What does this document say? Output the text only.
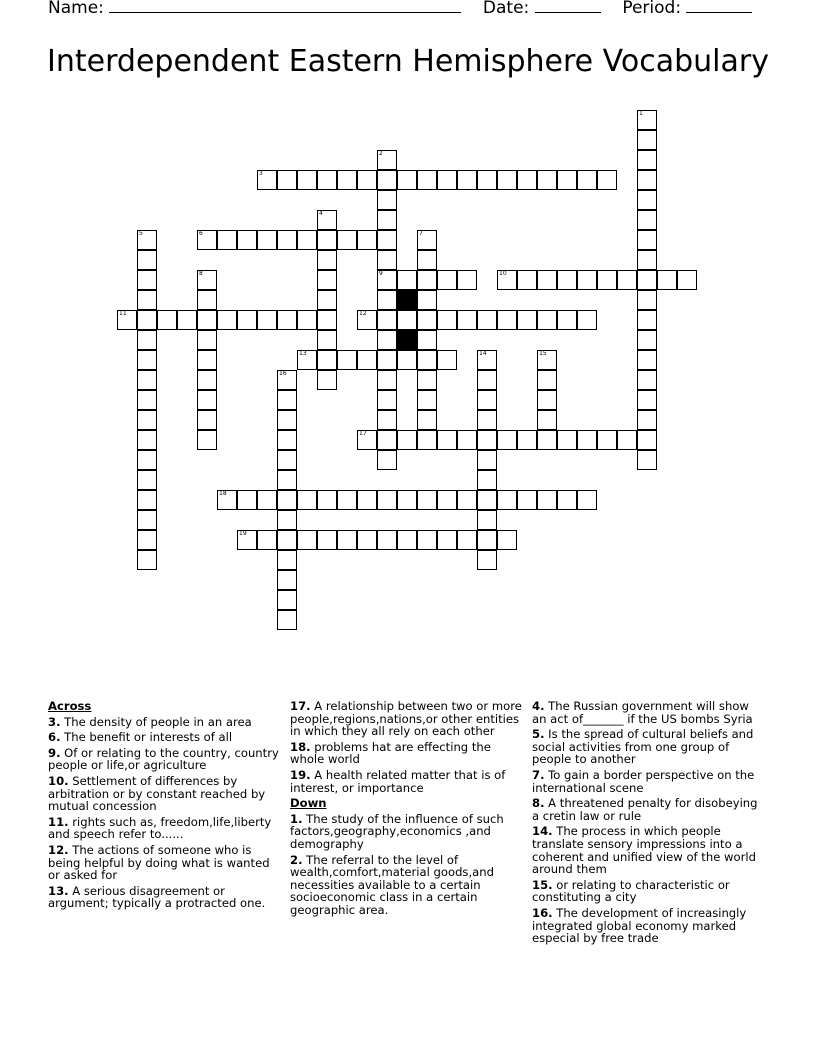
Name:	Date:	Period:
Interdependent Eastern Hemisphere Vocabulary
1
2
9
3
4
5	6	7
8	10
11	12
13	14	15
16
17
18
19
Across
3. The density of people in an area
6. The benefit or interests of all
9. Of or relating to the country, country people or life,or agriculture
10. Settlement of differences by arbitration or by constant reached by mutual concession
11. rights such as, freedom,life,liberty and speech refer to......
12. The actions of someone who is being helpful by doing what is wanted or asked for
13. A serious disagreement or argument; typically a protracted one.
17. A relationship between two or more people,regions,nations,or other entities in which they all rely on each other
18. problems hat are effecting the whole world
19. A health related matter that is of interest, or importance
Down
1. The study of the influence of such factors,geography,economics ,and demography
2. The referral to the level of wealth,comfort,material goods,and necessities available to a certain socioeconomic class in a certain geographic area.
4. The Russian government will show an act of_______ if the US bombs Syria
5. Is the spread of cultural beliefs and social activities from one group of people to another
7. To gain a border perspective on the international scene
8. A threatened penalty for disobeying a cretin law or rule
14. The process in which people translate sensory impressions into a coherent and unified view of the world around them
15. or relating to characteristic or constituting a city
16. The development of increasingly integrated global economy marked especial by free trade
